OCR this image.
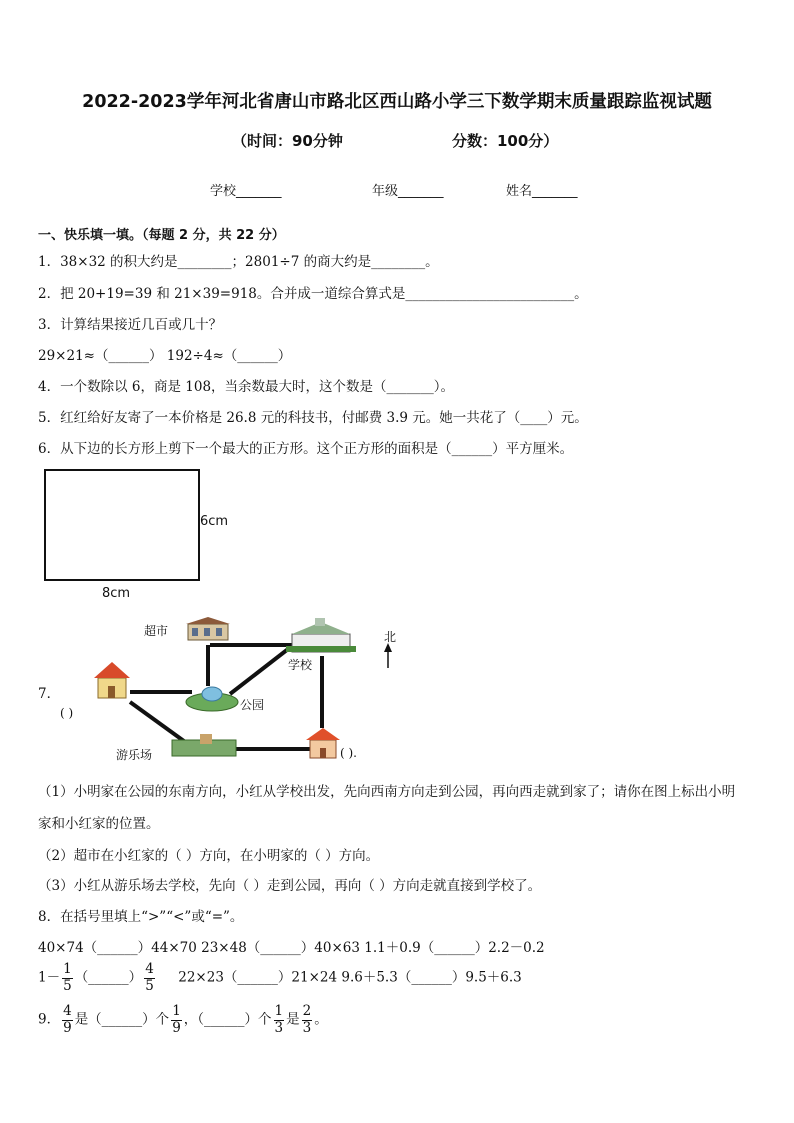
2022-2023学年河北省唐山市路北区西山路小学三下数学期末质量跟踪监视试题
（时间：90分钟	分数：100分）
学校_______	年级_______	姓名_______
一、快乐填一填。（每题 2 分，共 22 分）
1．38×32 的积大约是________；2801÷7 的商大约是________。
2．把 20+19=39 和 21×39=918。合并成一道综合算式是_________________________。
3．计算结果接近几百或几十？
29×21≈（______） 192÷4≈（______）
4．一个数除以 6，商是 108，当余数最大时，这个数是（_______）。
5．红红给好友寄了一本价格是 26.8 元的科技书，付邮费 3.9 元。她一共花了（____）元。
6．从下边的长方形上剪下一个最大的正方形。这个正方形的面积是（______）平方厘米。
6cm
8cm
7．
超市
学校
公园
游乐场
北
( )
( ).
（1）小明家在公园的东南方向，小红从学校出发，先向西南方向走到公园，再向西走就到家了；请你在图上标出小明
家和小红家的位置。
（2）超市在小红家的（ ）方向，在小明家的（ ）方向。
（3）小红从游乐场去学校，先向（ ）走到公园，再向（ ）方向走就直接到学校了。
8．在括号里填上“>”“<”或“=”。
40×74（______）44×70 23×48（______）40×63 1.1＋0.9（______）2.2－0.2
$1- \frac{1}{5}$ （______） $\frac{4}{5}$ 22×23（______）21×24 9.6＋5.3（______）9.5＋6.3
9． $\frac{4}{9}$ 是（______）个 $\frac{1}{9}$ ，（______）个 $\frac{1}{3}$ 是 $\frac{2}{3}$ 。
